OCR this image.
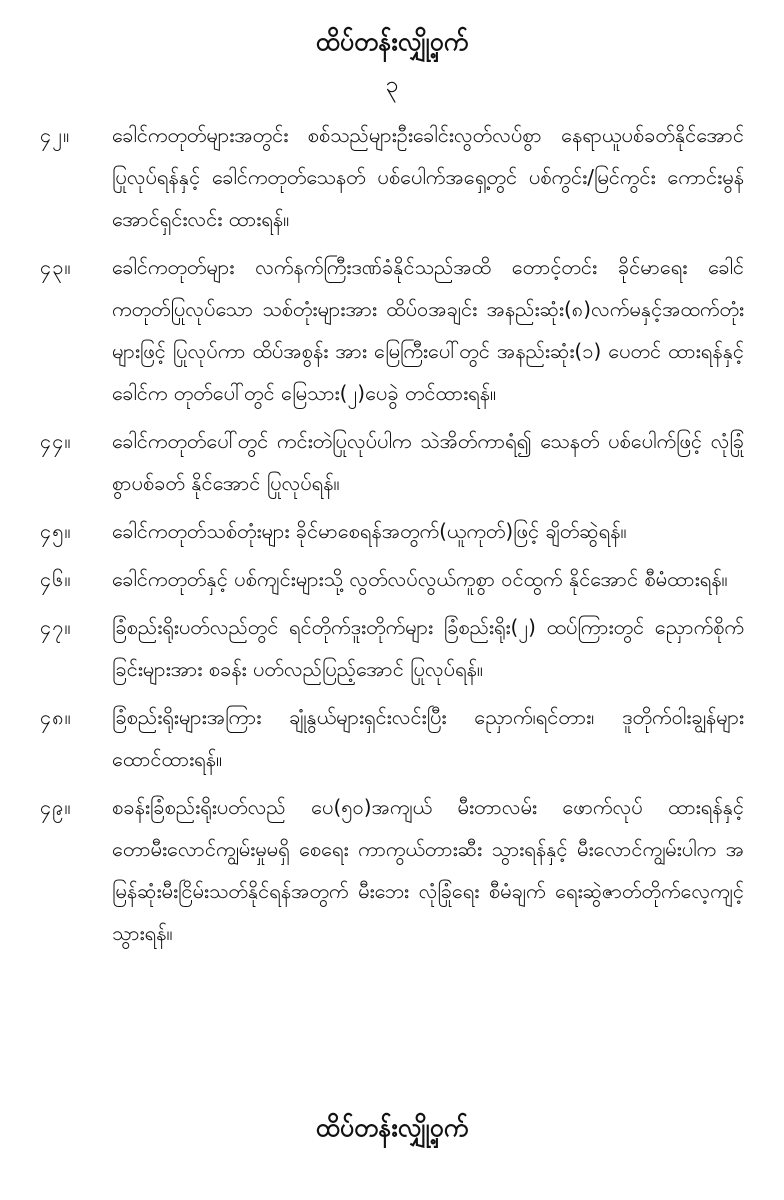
ထိပ်တန်းလျှို့ဝှက်
၃
၄၂။	ခေါင်ကတုတ်များအတွင်း စစ်သည်များဦးခေါင်းလွတ်လပ်စွာ နေရာယူပစ်ခတ်နိုင်အောင် ပြုလုပ်ရန်နှင့် ခေါင်ကတုတ်သေနတ် ပစ်ပေါက်အရှေ့တွင် ပစ်ကွင်း/မြင်ကွင်း ကောင်းမွန်အောင်ရှင်းလင်း ထားရန်။
၄၃။	ခေါင်ကတုတ်များ လက်နက်ကြီးဒဏ်ခံနိုင်သည်အထိ တောင့်တင်း ခိုင်မာရေး ခေါင်ကတုတ်ပြုလုပ်သော သစ်တုံးများအား ထိပ်ဝအချင်း အနည်းဆုံး(၈)လက်မနှင့်အထက်တုံးများဖြင့် ပြုလုပ်ကာ ထိပ်အစွန်း အား မြေကြီးပေါ်တွင် အနည်းဆုံး(၁) ပေတင် ထားရန်နှင့် ခေါင်က တုတ်ပေါ်တွင် မြေသား(၂)ပေခွဲ တင်ထားရန်။
၄၄။	ခေါင်ကတုတ်ပေါ်တွင် ကင်းတဲပြုလုပ်ပါက သဲအိတ်ကာရံ၍ သေနတ် ပစ်ပေါက်ဖြင့် လုံခြုံစွာပစ်ခတ် နိုင်အောင် ပြုလုပ်ရန်။
၄၅။	ခေါင်ကတုတ်သစ်တုံးများ ခိုင်မာစေရန်အတွက်(ယူကုတ်)ဖြင့် ချိတ်ဆွဲရန်။
၄၆။	ခေါင်ကတုတ်နှင့် ပစ်ကျင်းများသို့ လွတ်လပ်လွယ်ကူစွာ ဝင်ထွက် နိုင်အောင် စီမံထားရန်။
၄၇။	ခြံစည်းရိုးပတ်လည်တွင် ရင်တိုက်ဒူးတိုက်များ ခြံစည်းရိုး(၂) ထပ်ကြားတွင် ညှောက်စိုက်ခြင်းများအား စခန်း ပတ်လည်ပြည့်အောင် ပြုလုပ်ရန်။
၄၈။	ခြံစည်းရိုးများအကြား ချုံနွယ်များရှင်းလင်းပြီး ညှောက်၊ရင်တား၊ ဒူတိုက်ဝါးချွန်များ ထောင်ထားရန်။
၄၉။	စခန်းခြံစည်းရိုးပတ်လည် ပေ(၅၀)အကျယ် မီးတာလမ်း ဖောက်လုပ် ထားရန်နှင့် တောမီးလောင်ကျွမ်းမှုမရှိ စေရေး ကာကွယ်တားဆီး သွားရန်နှင့် မီးလောင်ကျွမ်းပါက အမြန်ဆုံးမီးငြိမ်းသတ်နိုင်ရန်အတွက် မီးဘေး လုံခြုံရေး စီမံချက် ရေးဆွဲဇာတ်တိုက်လေ့ကျင့်သွားရန်။
ထိပ်တန်းလျှို့ဝှက်
